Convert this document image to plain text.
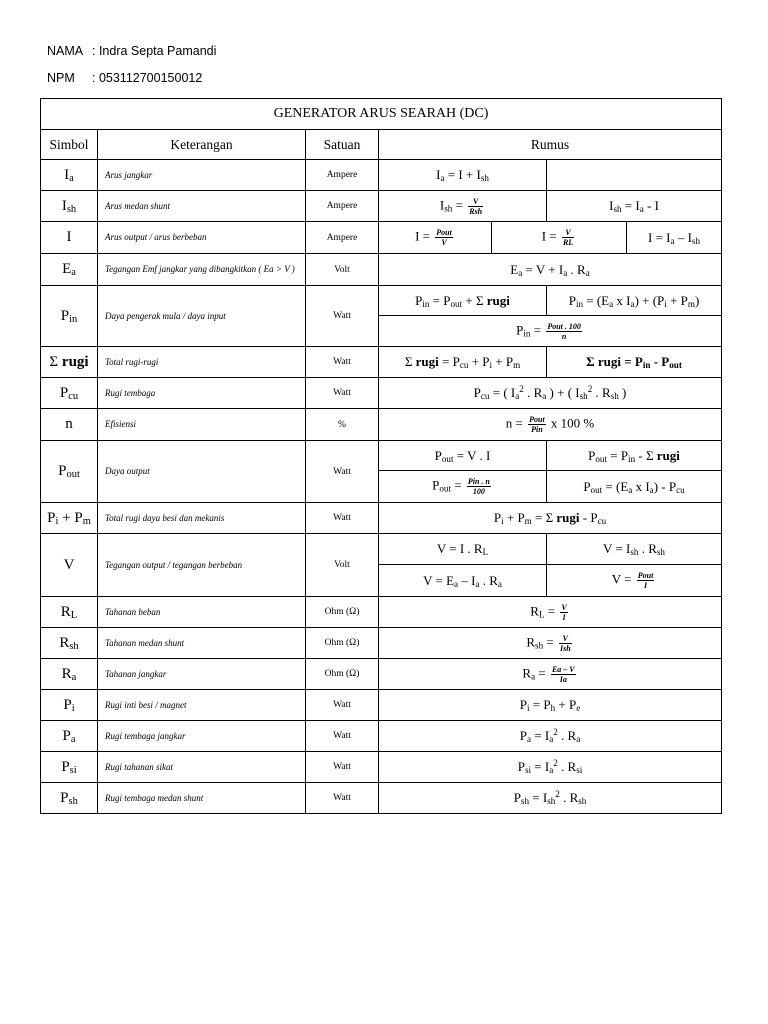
NAMA : Indra Septa Pamandi
NPM : 053112700150012
GENERATOR ARUS SEARAH (DC)						
Simbol	Keterangan	Satuan	Rumus			
$I_a$	Arus jangkar	Ampere	$I_a = I + I_{sh}$	
$I_{sh}$	Arus medan shunt	Ampere	$I_{sh} = \frac{V}{\text{Rsh}}$		$I_{sh} = I_a - I$	
I	Arus output / arus berbeban	Ampere	$I = \frac{\text{Pout}}{V}$	$I = \frac{V}{RL}$		$I = I_a - I_{sh}$
$E_a$	Tegangan Emf jangkar yang dibangkitkan ( Ea > V )	Volt	$E_a = V + I_a$ . $R_a$
$P_{in}$	Daya pengerak mula / daya input	Watt	$P_{in} = P_{out} + \Sigma$ rugi		$P_{in} = (E_a$ x $I_a) + (P_i + P_m)$	
			$P_{in} = \frac{\text{Pout . 100}}{n}$

Σ rugi	Total rugi-rugi	Watt	Σ rugi = $P_{cu} + P_i + P_m$		Σ rugi = $P_{in} - P_{out}$
$P_{cu}$	Rugi tembaga	Watt	$P_{cu}$ = ( $I_a^2$ . $R_a$ ) + ( $I_{sh}^2$ . $R_{sh}$ )			
n	Efisiensi	%	$n = \frac{\text{Pout}}{\text{Pin}}$ x 100 %			
$P_{out}$	Daya output	Watt	$P_{out} = V$ . I		$P_{out} = P_{in} - \Sigma$ rugi	
			$P_{out} = \frac{\text{Pin . n}}{100}$		$P_{out} = (E_a$ x $I_a) - P_{cu}$
$P_i + P_m$	Total rugi daya besi dan mekanis	Watt	$P_i + P_m = \Sigma$ rugi - $P_{cu}$
V	Tegangan output / tegangan berbeban	Volt	V = I . $R_L$		$V = I_{sh}$ . $R_{sh}$
			$V = E_a - I_a$ . $R_a$		$V = \frac{\text{Pout}}{I}$

$R_L$	Tahanan beban	Ohm (Ω)	$R_L = \frac{V}{I}$

$R_{sh}$	Tahanan medan shunt	Ohm (Ω)	$R_{sh} = \frac{V}{\text{Ish}}$

$R_a$	Tahanan jangkar	Ohm (Ω)	$R_a = \frac{Ea - V}{Ia}$

$P_i$	Rugi inti besi / magnet	Watt	$P_i = P_h + P_e$
$P_a$	Rugi tembaga jangkar	Watt	$P_a = I_a^2$ . $R_a$
$P_{si}$	Rugi tahanan sikat	Watt	$P_{si} = I_a^2$ . $R_{si}$
$P_{sh}$	Rugi tembaga medan shunt	Watt	$P_{sh} = I_{sh}^2$ . $R_{sh}$
